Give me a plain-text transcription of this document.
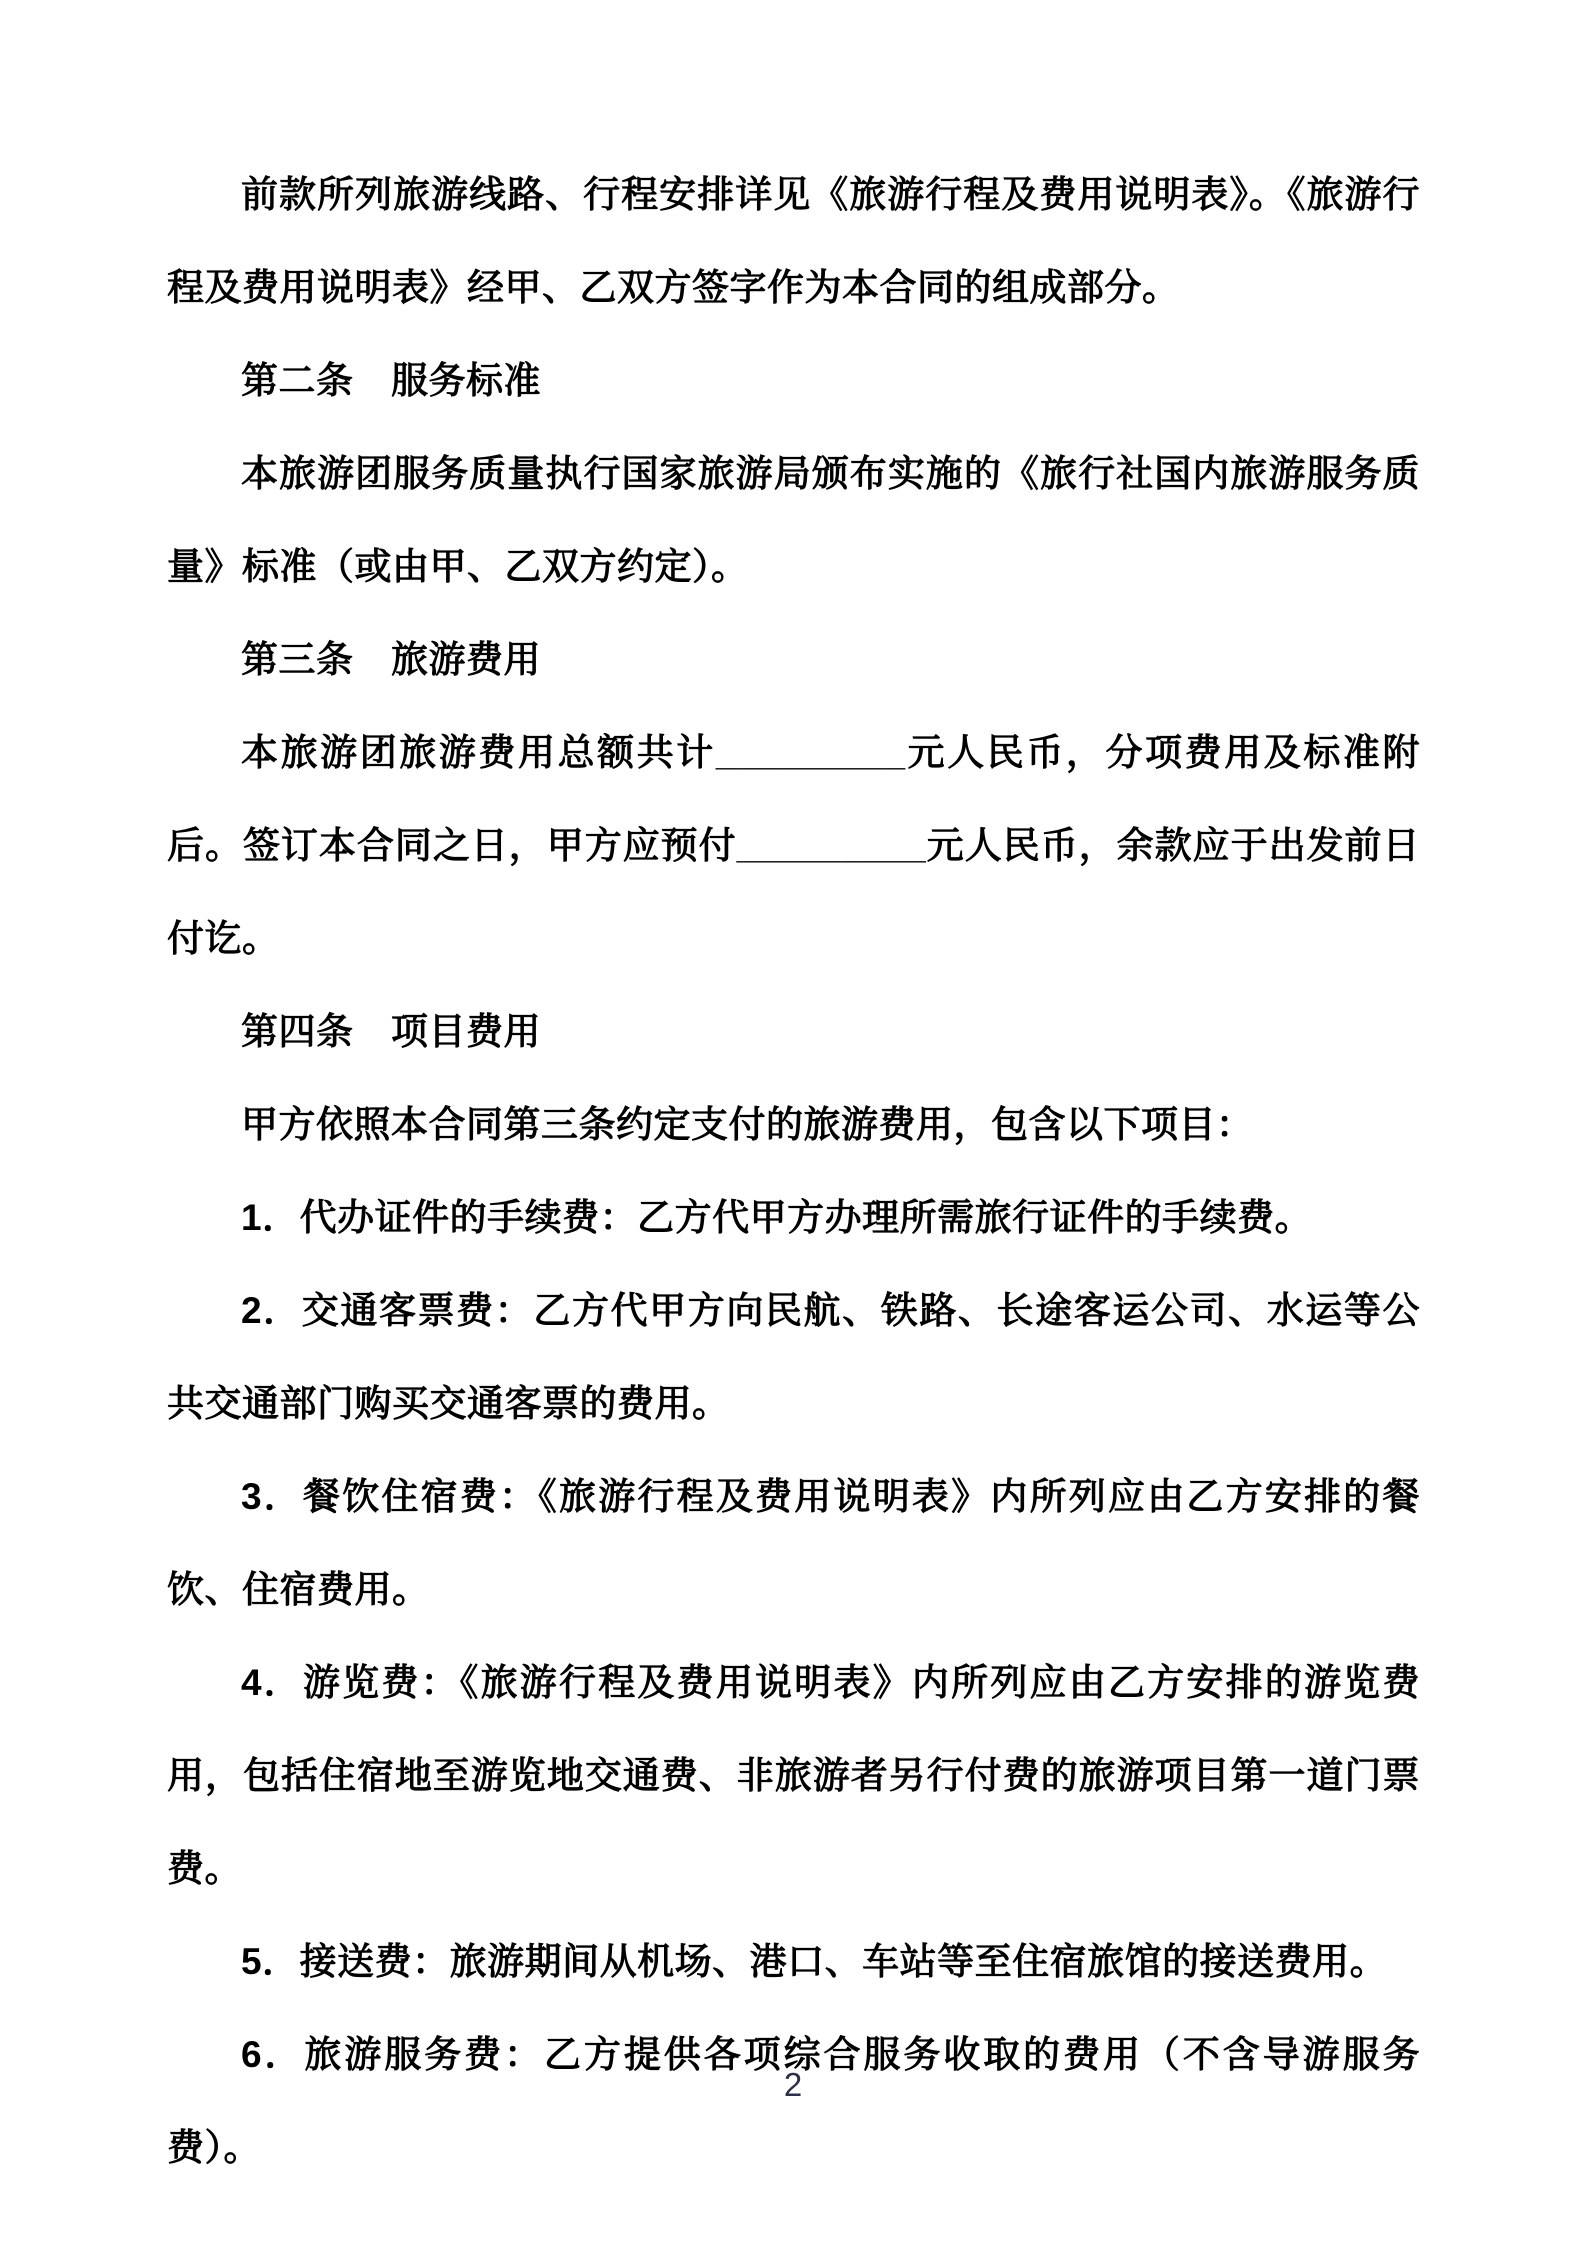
前款所列旅游线路、行程安排详见《旅游行程及费用说明表》。《旅游行程及费用说明表》经甲、乙双方签字作为本合同的组成部分。

第二条　服务标准

本旅游团服务质量执行国家旅游局颁布实施的《旅行社国内旅游服务质量》标准（或由甲、乙双方约定）。

第三条　旅游费用

本旅游团旅游费用总额共计_________元人民币，分项费用及标准附后。签订本合同之日，甲方应预付_________元人民币，余款应于出发前日付讫。

第四条　项目费用

甲方依照本合同第三条约定支付的旅游费用，包含以下项目：

1．代办证件的手续费：乙方代甲方办理所需旅行证件的手续费。

2．交通客票费：乙方代甲方向民航、铁路、长途客运公司、水运等公共交通部门购买交通客票的费用。

3．餐饮住宿费：《旅游行程及费用说明表》内所列应由乙方安排的餐饮、住宿费用。

4．游览费：《旅游行程及费用说明表》内所列应由乙方安排的游览费用，包括住宿地至游览地交通费、非旅游者另行付费的旅游项目第一道门票费。

5．接送费：旅游期间从机场、港口、车站等至住宿旅馆的接送费用。

6．旅游服务费：乙方提供各项综合服务收取的费用（不含导游服务费）。

2
